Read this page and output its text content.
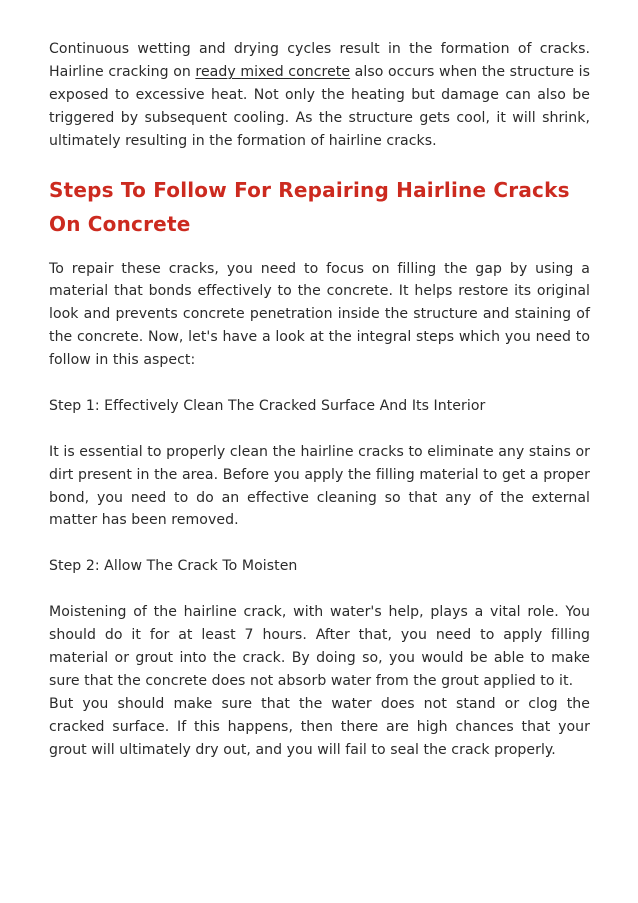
Continuous wetting and drying cycles result in the formation of cracks. Hairline cracking on ready mixed concrete also occurs when the structure is exposed to excessive heat. Not only the heating but damage can also be triggered by subsequent cooling. As the structure gets cool, it will shrink, ultimately resulting in the formation of hairline cracks.

Steps To Follow For Repairing Hairline Cracks On Concrete

To repair these cracks, you need to focus on filling the gap by using a material that bonds effectively to the concrete. It helps restore its original look and prevents concrete penetration inside the structure and staining of the concrete. Now, let's have a look at the integral steps which you need to follow in this aspect:

Step 1: Effectively Clean The Cracked Surface And Its Interior

It is essential to properly clean the hairline cracks to eliminate any stains or dirt present in the area. Before you apply the filling material to get a proper bond, you need to do an effective cleaning so that any of the external matter has been removed.

Step 2: Allow The Crack To Moisten

Moistening of the hairline crack, with water's help, plays a vital role. You should do it for at least 7 hours. After that, you need to apply filling material or grout into the crack. By doing so, you would be able to make sure that the concrete does not absorb water from the grout applied to it.

But you should make sure that the water does not stand or clog the cracked surface. If this happens, then there are high chances that your grout will ultimately dry out, and you will fail to seal the crack properly.
